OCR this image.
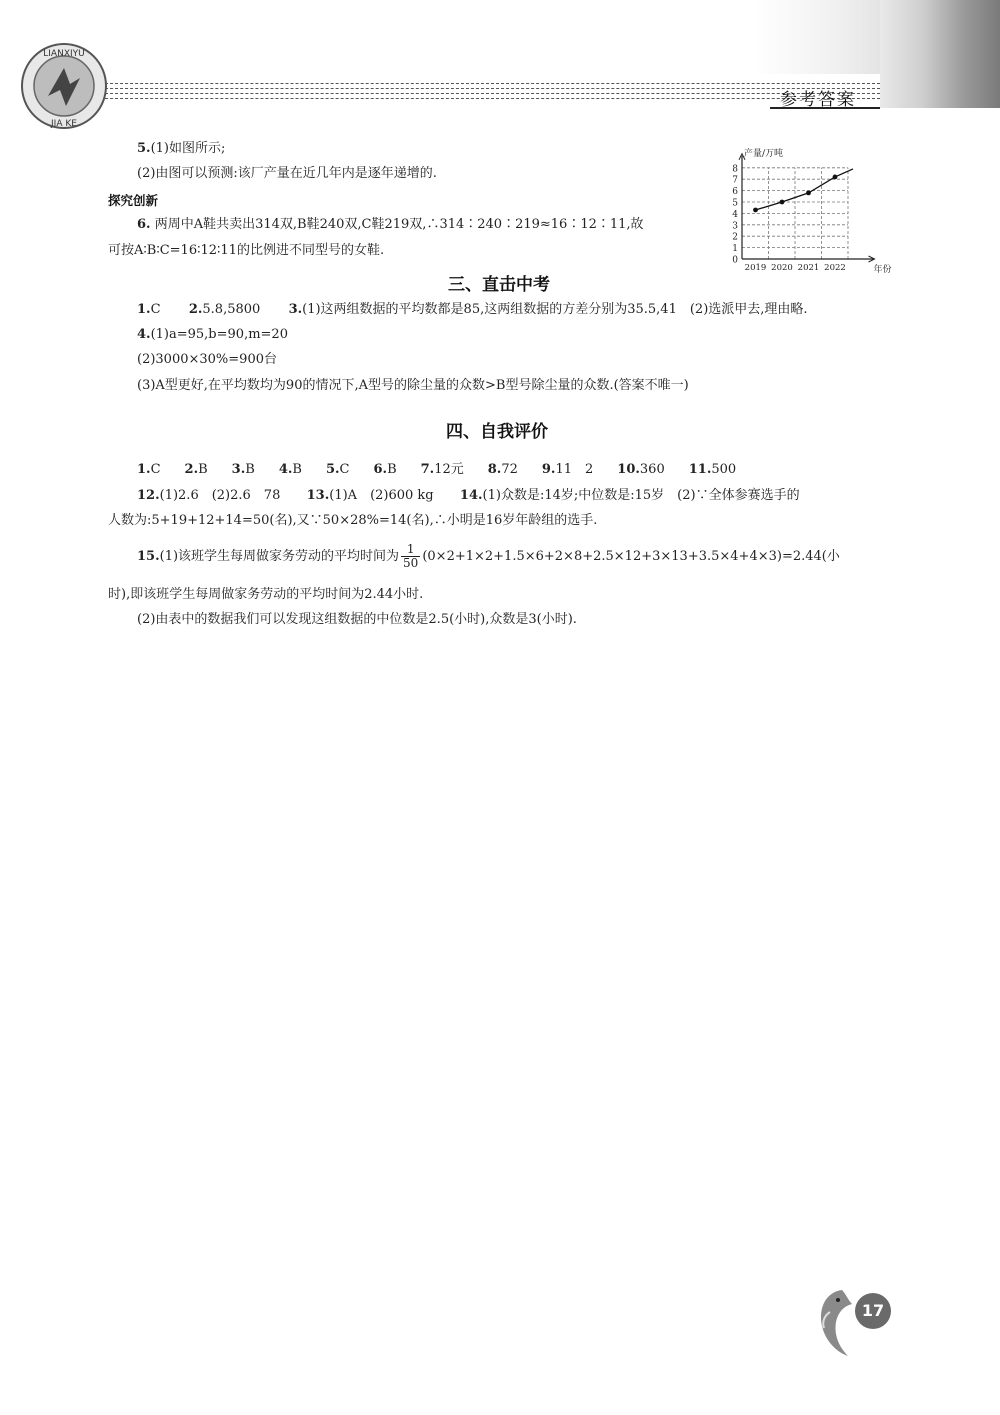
LIANXIYU
JIA KE
参考答案
5.(1)如图所示;
(2)由图可以预测:该厂产量在近几年内是逐年递增的.
探究创新
6. 两周中A鞋共卖出314双,B鞋240双,C鞋219双,∴314∶240∶219≈16∶12∶11,故
可按A∶B∶C=16∶12∶11的比例进不同型号的女鞋.
0
1
2
3
4
5
6
7
8
2019 2020 2021 2022
产量/万吨
年份
三、直击中考
1.C 2.5.8,5800 3.(1)这两组数据的平均数都是85,这两组数据的方差分别为35.5,41　(2)选派甲去,理由略.
4.(1)a=95,b=90,m=20
(2)3000×30%=900台
(3)A型更好,在平均数均为90的情况下,A型号的除尘量的众数>B型号除尘量的众数.(答案不唯一)
四、自我评价
1.C 2.B 3.B 4.B 5.C 6.B 7.12元 8.72 9.11　2 10.360 11.500
12.(1)2.6　(2)2.6　78 13.(1)A　(2)600 kg 14.(1)众数是:14岁;中位数是:15岁　(2)∵全体参赛选手的
人数为:5+19+12+14=50(名),又∵50×28%=14(名),∴小明是16岁年龄组的选手.
15.(1)该班学生每周做家务劳动的平均时间为 $\frac{1}{50} (0\times 2+1\times 2+1.5\times 6+2\times 8+2.5\times 12+3\times 13+3.5\times 4+4\times 3)=2.44$(小
时),即该班学生每周做家务劳动的平均时间为2.44小时.
(2)由表中的数据我们可以发现这组数据的中位数是2.5(小时),众数是3(小时).
17
